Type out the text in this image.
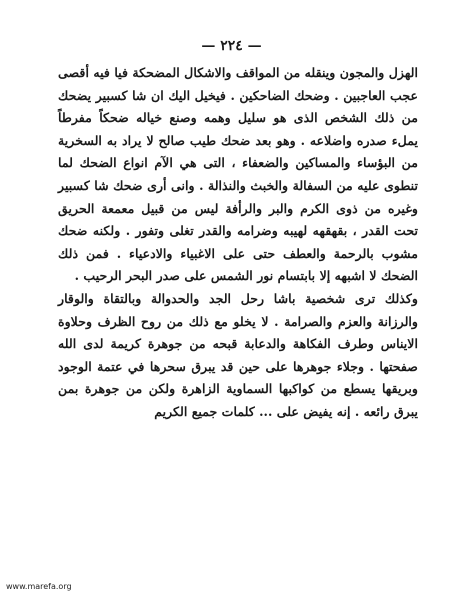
— ٢٢٤ —

الهزل والمجون وينقله من المواقف والاشكال المضحكة فيا فيه أقصى عجب العاجبين . وضحك الضاحكين . فيخيل اليك ان شا كسبير يضحك من ذلك الشخص الذى هو سليل وهمه وصنع خياله ضحكاً مفرطاً يملء صدره واضلاعه . وهو بعد ضحك طيب صالح لا يراد به السخرية من البؤساء والمساكين والضعفاء ، التى هي الآم انواع الضحك لما تنطوى عليه من السفالة والخبث والنذالة . وانى أرى ضحك شا كسبير وغيره من ذوى الكرم والبر والرأفة ليس من قبيل معمعة الحريق تحت القدر ، بقهقهه لهيبه وضرامه والقدر تغلى وتفور . ولكنه ضحك مشوب بالرحمة والعطف حتى على الاغبياء والادعياء . فمن ذلك الضحك لا اشبهه إلا بابتسام نور الشمس على صدر البحر الرحيب .

وكذلك ترى شخصية باشا رحل الجد والحدوالة وبالتقاة والوقار والرزانة والعزم والصرامة . لا يخلو مع ذلك من روح الظرف وحلاوة الايناس وطرف الفكاهة والدعابة قبحه من جوهرة كريمة لدى الله صفحتها . وجلاء جوهرها على حين قد يبرق سحرها في عتمة الوجود وبريقها يسطع من كواكبها السماوية الزاهرة ولكن من جوهرة بمن يبرق رائعه . إنه يفيض على ... كلمات جميع الكريم

www.marefa.org
